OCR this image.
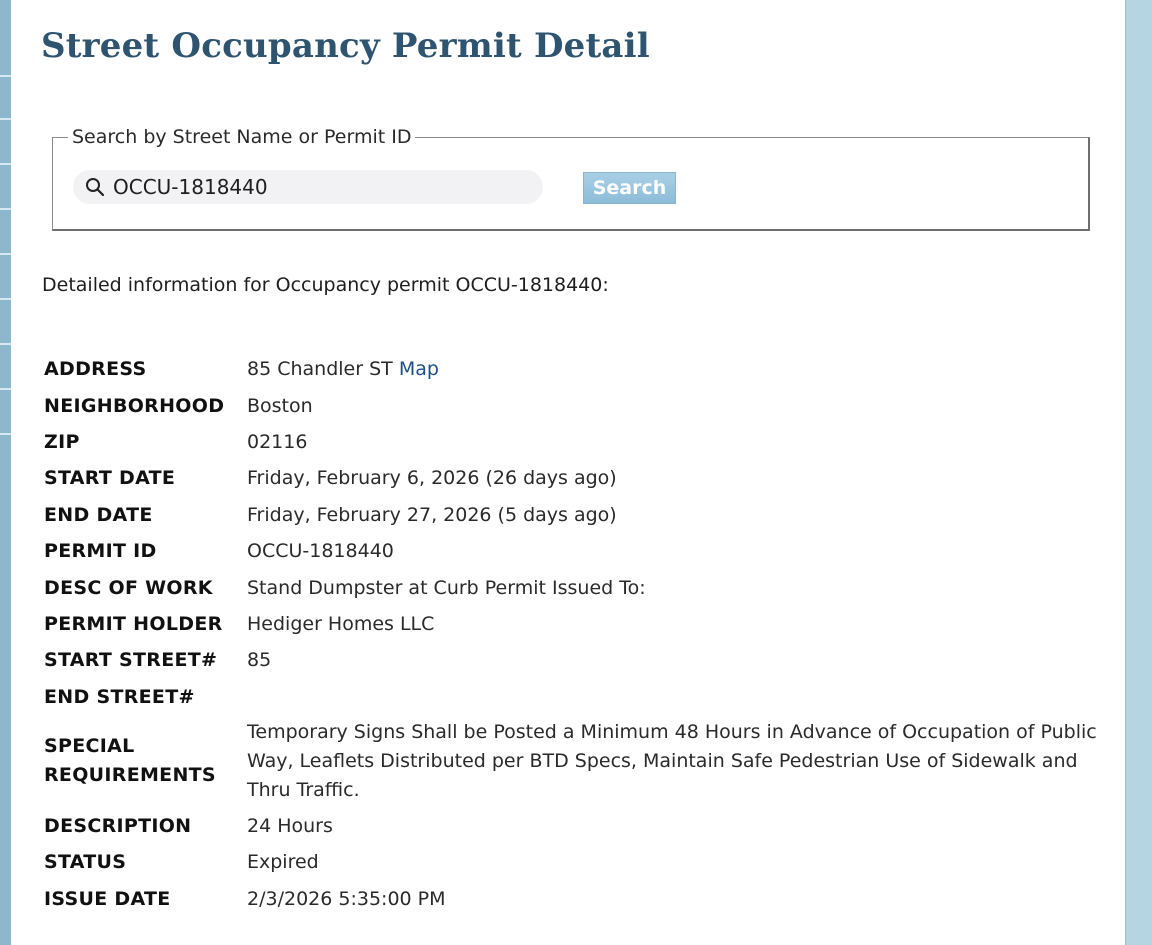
Street Occupancy Permit Detail
Search by Street Name or Permit ID
OCCU-1818440
Search

Detailed information for Occupancy permit OCCU-1818440:

ADDRESS	85 Chandler ST Map
NEIGHBORHOOD	Boston
ZIP	02116
START DATE	Friday, February 6, 2026 (26 days ago)
END DATE	Friday, February 27, 2026 (5 days ago)
PERMIT ID	OCCU-1818440
DESC OF WORK	Stand Dumpster at Curb Permit Issued To:
PERMIT HOLDER	Hediger Homes LLC
START STREET#	85
END STREET#	
SPECIAL REQUIREMENTS	Temporary Signs Shall be Posted a Minimum 48 Hours in Advance of Occupation of Public Way, Leaflets Distributed per BTD Specs, Maintain Safe Pedestrian Use of Sidewalk and Thru Traffic.
DESCRIPTION	24 Hours
STATUS	Expired
ISSUE DATE	2/3/2026 5:35:00 PM
